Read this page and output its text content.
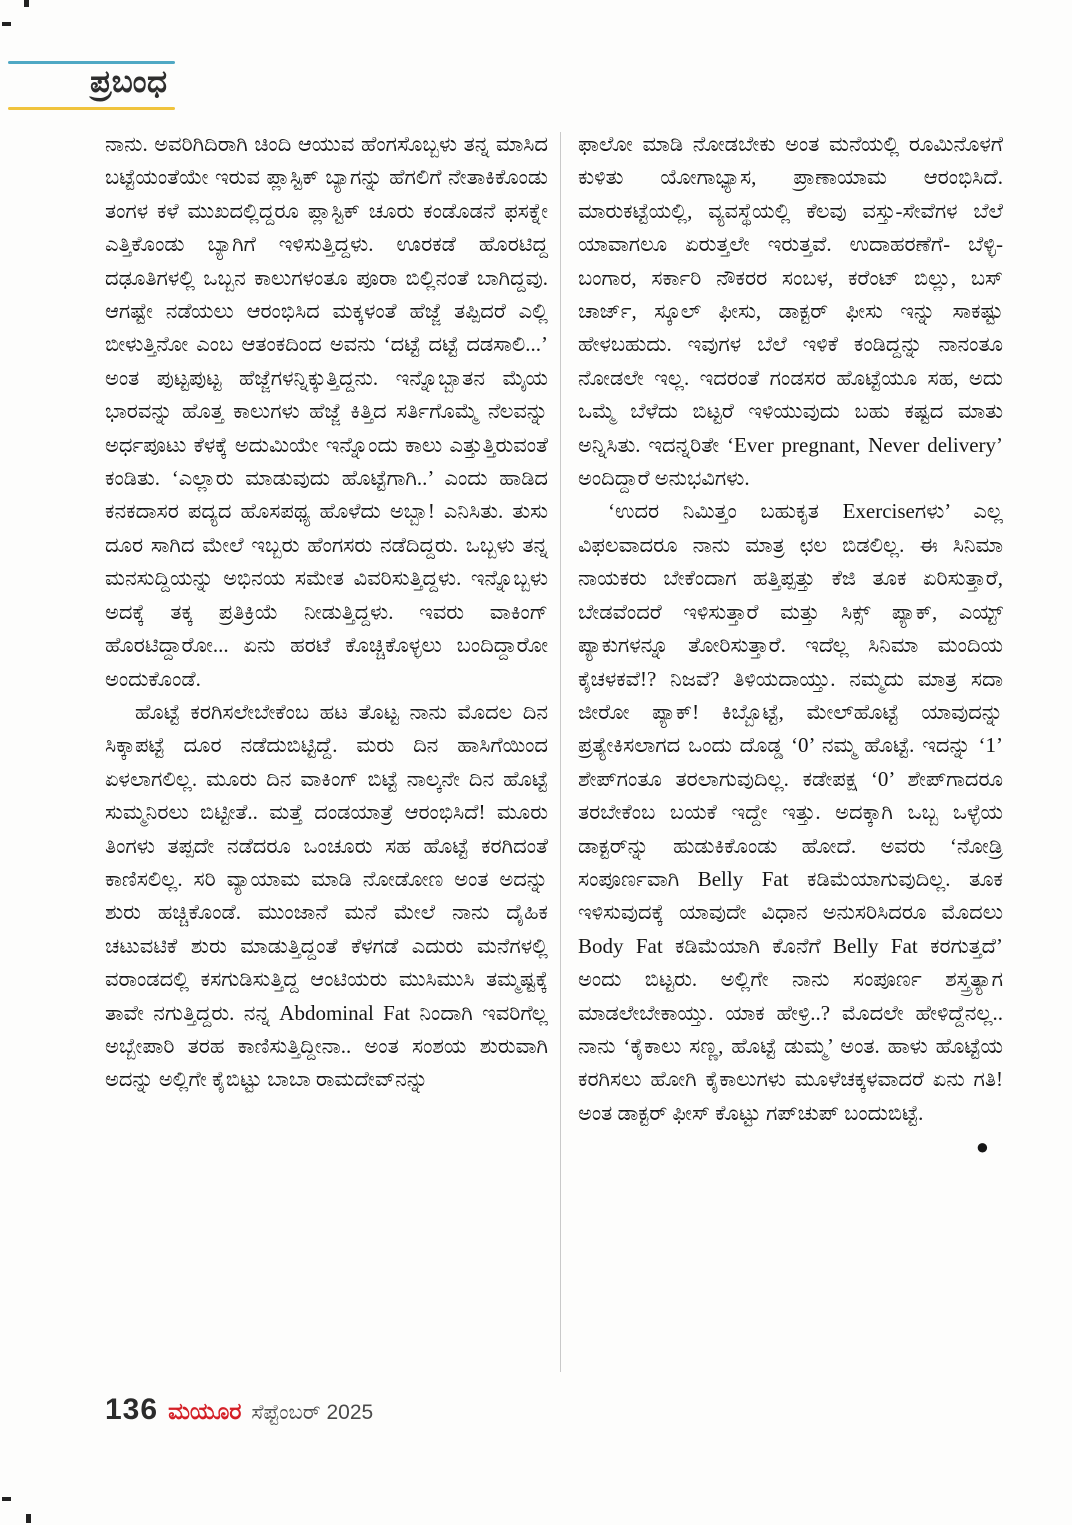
ಪ್ರಬಂಧ

ನಾನು. ಅವರಿಗಿದಿರಾಗಿ ಚಿಂದಿ ಆಯುವ ಹೆಂಗಸೊಬ್ಬಳು ತನ್ನ ಮಾಸಿದ ಬಟ್ಟೆಯಂತೆಯೇ ಇರುವ ಪ್ಲಾಸ್ಟಿಕ್ ಬ್ಯಾಗನ್ನು ಹೆಗಲಿಗೆ ನೇತಾಕಿಕೊಂಡು ತಂಗಳ ಕಳೆ ಮುಖದಲ್ಲಿದ್ದರೂ ಪ್ಲಾಸ್ಟಿಕ್ ಚೂರು ಕಂಡೊಡನೆ ಫಸಕ್ನೇ ಎತ್ತಿಕೊಂಡು ಬ್ಯಾಗಿಗೆ ಇಳಿಸುತ್ತಿದ್ದಳು. ಊರಕಡೆ ಹೊರಟಿದ್ದ ದಢೂತಿಗಳಲ್ಲಿ ಒಬ್ಬನ ಕಾಲುಗಳಂತೂ ಪೂರಾ ಬಿಲ್ಲಿನಂತೆ ಬಾಗಿದ್ದವು. ಆಗಷ್ಟೇ ನಡೆಯಲು ಆರಂಭಿಸಿದ ಮಕ್ಕಳಂತೆ ಹೆಜ್ಜೆ ತಪ್ಪಿದರೆ ಎಲ್ಲಿ ಬೀಳುತ್ತಿನೋ ಎಂಬ ಆತಂಕದಿಂದ ಅವನು ‘ದಟ್ಟೆ ದಟ್ಟೆ ದಡಸಾಲಿ...’ ಅಂತ ಪುಟ್ಟಪುಟ್ಟ ಹೆಜ್ಜೆಗಳನ್ನಿಕ್ಕುತ್ತಿದ್ದನು. ಇನ್ನೊಬ್ಬಾತನ ಮೈಯ ಭಾರವನ್ನು ಹೊತ್ತ ಕಾಲುಗಳು ಹೆಜ್ಜೆ ಕಿತ್ತಿದ ಸರ್ತಿಗೊಮ್ಮೆ ನೆಲವನ್ನು ಅರ್ಧಪೂಟು ಕೆಳಕ್ಕೆ ಅದುಮಿಯೇ ಇನ್ನೊಂದು ಕಾಲು ಎತ್ತುತ್ತಿರುವಂತೆ ಕಂಡಿತು. ‘ಎಲ್ಲಾರು ಮಾಡುವುದು ಹೊಟ್ಟೆಗಾಗಿ..’ ಎಂದು ಹಾಡಿದ ಕನಕದಾಸರ ಪದ್ಯದ ಹೊಸಪಥ್ಯ ಹೊಳೆದು ಅಬ್ಬಾ! ಎನಿಸಿತು. ತುಸು ದೂರ ಸಾಗಿದ ಮೇಲೆ ಇಬ್ಬರು ಹೆಂಗಸರು ನಡೆದಿದ್ದರು. ಒಬ್ಬಳು ತನ್ನ ಮನಸುದ್ದಿಯನ್ನು ಅಭಿನಯ ಸಮೇತ ವಿವರಿಸುತ್ತಿದ್ದಳು. ಇನ್ನೊಬ್ಬಳು ಅದಕ್ಕೆ ತಕ್ಕ ಪ್ರತಿಕ್ರಿಯೆ ನೀಡುತ್ತಿದ್ದಳು. ಇವರು ವಾಕಿಂಗ್ ಹೊರಟಿದ್ದಾರೋ... ಏನು ಹರಟೆ ಕೊಚ್ಚಿಕೊಳ್ಳಲು ಬಂದಿದ್ದಾರೋ ಅಂದುಕೊಂಡೆ.

ಹೊಟ್ಟೆ ಕರಗಿಸಲೇಬೇಕೆಂಬ ಹಟ ತೊಟ್ಟ ನಾನು ಮೊದಲ ದಿನ ಸಿಕ್ಕಾಪಟ್ಟೆ ದೂರ ನಡೆದುಬಿಟ್ಟಿದ್ದೆ. ಮರು ದಿನ ಹಾಸಿಗೆಯಿಂದ ಏಳಲಾಗಲಿಲ್ಲ. ಮೂರು ದಿನ ವಾಕಿಂಗ್ ಬಿಟ್ಟೆ ನಾಲ್ಕನೇ ದಿನ ಹೊಟ್ಟೆ ಸುಮ್ಮನಿರಲು ಬಿಟ್ಟೀತೆ.. ಮತ್ತೆ ದಂಡಯಾತ್ರೆ ಆರಂಭಿಸಿದೆ! ಮೂರು ತಿಂಗಳು ತಪ್ಪದೇ ನಡೆದರೂ ಒಂಚೂರು ಸಹ ಹೊಟ್ಟೆ ಕರಗಿದಂತೆ ಕಾಣಿಸಲಿಲ್ಲ. ಸರಿ ವ್ಯಾಯಾಮ ಮಾಡಿ ನೋಡೋಣ ಅಂತ ಅದನ್ನು ಶುರು ಹಚ್ಚಿಕೊಂಡೆ. ಮುಂಜಾನೆ ಮನೆ ಮೇಲೆ ನಾನು ದೈಹಿಕ ಚಟುವಟಿಕೆ ಶುರು ಮಾಡುತ್ತಿದ್ದಂತೆ ಕೆಳಗಡೆ ಎದುರು ಮನೆಗಳಲ್ಲಿ ವರಾಂಡದಲ್ಲಿ ಕಸಗುಡಿಸುತ್ತಿದ್ದ ಆಂಟಿಯರು ಮುಸಿಮುಸಿ ತಮ್ಮಷ್ಟಕ್ಕೆ ತಾವೇ ನಗುತ್ತಿದ್ದರು. ನನ್ನ Abdominal Fat ನಿಂದಾಗಿ ಇವರಿಗೆಲ್ಲ ಅಬ್ಬೇಪಾರಿ ತರಹ ಕಾಣಿಸುತ್ತಿದ್ದೀನಾ.. ಅಂತ ಸಂಶಯ ಶುರುವಾಗಿ ಅದನ್ನು ಅಲ್ಲಿಗೇ ಕೈಬಿಟ್ಟು ಬಾಬಾ ರಾಮದೇವ್‌ನನ್ನು

ಫಾಲೋ ಮಾಡಿ ನೋಡಬೇಕು ಅಂತ ಮನೆಯಲ್ಲಿ ರೂಮಿನೊಳಗೆ ಕುಳಿತು ಯೋಗಾಭ್ಯಾಸ, ಪ್ರಾಣಾಯಾಮ ಆರಂಭಿಸಿದೆ. ಮಾರುಕಟ್ಟೆಯಲ್ಲಿ, ವ್ಯವಸ್ಥೆಯಲ್ಲಿ ಕೆಲವು ವಸ್ತು-ಸೇವೆಗಳ ಬೆಲೆ ಯಾವಾಗಲೂ ಏರುತ್ತಲೇ ಇರುತ್ತವೆ. ಉದಾಹರಣೆಗೆ- ಬೆಳ್ಳಿ-ಬಂಗಾರ, ಸರ್ಕಾರಿ ನೌಕರರ ಸಂಬಳ, ಕರೆಂಟ್ ಬಿಲ್ಲು, ಬಸ್ ಚಾರ್ಜ್, ಸ್ಕೂಲ್ ಫೀಸು, ಡಾಕ್ಟರ್ ಫೀಸು ಇನ್ನು ಸಾಕಷ್ಟು ಹೇಳಬಹುದು. ಇವುಗಳ ಬೆಲೆ ಇಳಿಕೆ ಕಂಡಿದ್ದನ್ನು ನಾನಂತೂ ನೋಡಲೇ ಇಲ್ಲ. ಇದರಂತೆ ಗಂಡಸರ ಹೊಟ್ಟೆಯೂ ಸಹ, ಅದು ಒಮ್ಮೆ ಬೆಳೆದು ಬಿಟ್ಟರೆ ಇಳಿಯುವುದು ಬಹು ಕಷ್ಟದ ಮಾತು ಅನ್ನಿಸಿತು. ಇದನ್ನರಿತೇ ‘Ever pregnant, Never delivery’ ಅಂದಿದ್ದಾರೆ ಅನುಭವಿಗಳು.

‘ಉದರ ನಿಮಿತ್ತಂ ಬಹುಕೃತ Exerciseಗಳು’ ಎಲ್ಲ ವಿಫಲವಾದರೂ ನಾನು ಮಾತ್ರ ಛಲ ಬಿಡಲಿಲ್ಲ. ಈ ಸಿನಿಮಾ ನಾಯಕರು ಬೇಕೆಂದಾಗ ಹತ್ತಿಪ್ಪತ್ತು ಕೆಜಿ ತೂಕ ಏರಿಸುತ್ತಾರೆ, ಬೇಡವೆಂದರೆ ಇಳಿಸುತ್ತಾರೆ ಮತ್ತು ಸಿಕ್ಸ್ ಪ್ಯಾಕ್, ಎಯ್ಟ್ ಪ್ಯಾಕುಗಳನ್ನೂ ತೋರಿಸುತ್ತಾರೆ. ಇದೆಲ್ಲ ಸಿನಿಮಾ ಮಂದಿಯ ಕೈಚಳಕವೆ!? ನಿಜವೆ? ತಿಳಿಯದಾಯ್ತು. ನಮ್ಮದು ಮಾತ್ರ ಸದಾ ಜೀರೋ ಪ್ಯಾಕ್! ಕಿಬ್ಬೊಟ್ಟೆ, ಮೇಲ್‌ಹೊಟ್ಟೆ ಯಾವುದನ್ನು ಪ್ರತ್ಯೇಕಿಸಲಾಗದ ಒಂದು ದೊಡ್ಡ ‘0’ ನಮ್ಮ ಹೊಟ್ಟೆ. ಇದನ್ನು ‘1’ ಶೇಪ್‌ಗಂತೂ ತರಲಾಗುವುದಿಲ್ಲ. ಕಡೇಪಕ್ಷ ‘0’ ಶೇಪ್‌ಗಾದರೂ ತರಬೇಕೆಂಬ ಬಯಕೆ ಇದ್ದೇ ಇತ್ತು. ಅದಕ್ಕಾಗಿ ಒಬ್ಬ ಒಳ್ಳೆಯ ಡಾಕ್ಟರ್‌ನ್ನು ಹುಡುಕಿಕೊಂಡು ಹೋದೆ. ಅವರು ‘ನೋಡ್ರಿ ಸಂಪೂರ್ಣವಾಗಿ Belly Fat ಕಡಿಮೆಯಾಗುವುದಿಲ್ಲ. ತೂಕ ಇಳಿಸುವುದಕ್ಕೆ ಯಾವುದೇ ವಿಧಾನ ಅನುಸರಿಸಿದರೂ ಮೊದಲು Body Fat ಕಡಿಮೆಯಾಗಿ ಕೊನೆಗೆ Belly Fat ಕರಗುತ್ತದೆ’ ಅಂದು ಬಿಟ್ಟರು. ಅಲ್ಲಿಗೇ ನಾನು ಸಂಪೂರ್ಣ ಶಸ್ತ್ರತ್ಯಾಗ ಮಾಡಲೇಬೇಕಾಯ್ತು. ಯಾಕ ಹೇಳ್ರಿ..? ಮೊದಲೇ ಹೇಳಿದ್ದೆನಲ್ಲ.. ನಾನು ‘ಕೈಕಾಲು ಸಣ್ಣ, ಹೊಟ್ಟೆ ಡುಮ್ಮ’ ಅಂತ. ಹಾಳು ಹೊಟ್ಟೆಯ ಕರಗಿಸಲು ಹೋಗಿ ಕೈಕಾಲುಗಳು ಮೂಳೆಚಕ್ಕಳವಾದರೆ ಏನು ಗತಿ! ಅಂತ ಡಾಕ್ಟರ್ ಫೀಸ್ ಕೊಟ್ಟು ಗಪ್‌ಚುಪ್ ಬಂದುಬಿಟ್ಟೆ.

●
136 ಮಯೂರ ಸೆಪ್ಟೆಂಬರ್ 2025
